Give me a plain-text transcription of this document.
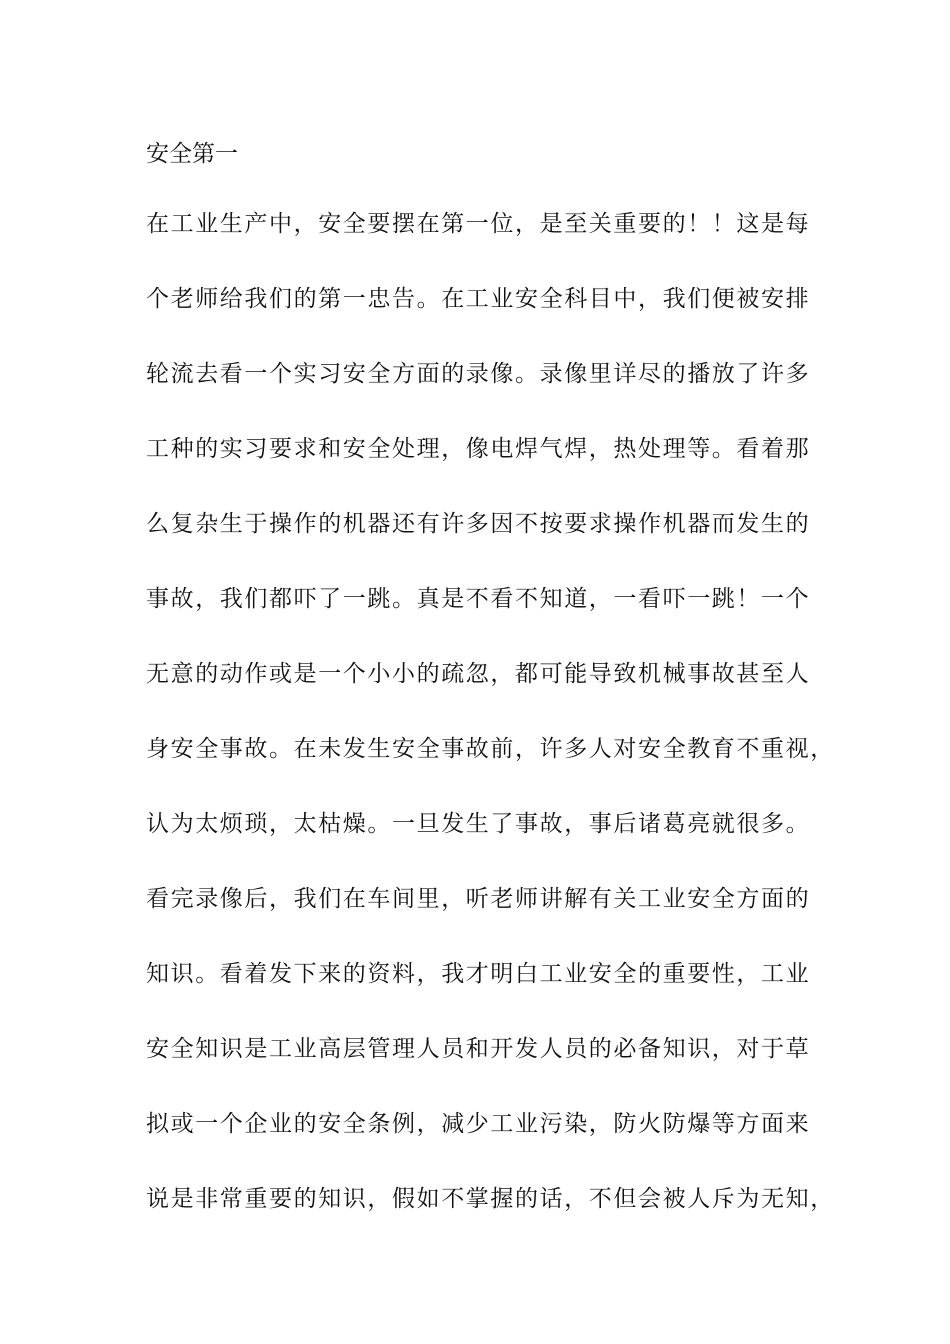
安全第一
在工业生产中，安全要摆在第一位，是至关重要的！！这是每
个老师给我们的第一忠告。在工业安全科目中，我们便被安排
轮流去看一个实习安全方面的录像。录像里详尽的播放了许多
工种的实习要求和安全处理，像电焊气焊，热处理等。看着那
么复杂生于操作的机器还有许多因不按要求操作机器而发生的
事故，我们都吓了一跳。真是不看不知道，一看吓一跳！一个
无意的动作或是一个小小的疏忽，都可能导致机械事故甚至人
身安全事故。在未发生安全事故前，许多人对安全教育不重视，
认为太烦琐，太枯燥。一旦发生了事故，事后诸葛亮就很多。
看完录像后，我们在车间里，听老师讲解有关工业安全方面的
知识。看着发下来的资料，我才明白工业安全的重要性，工业
安全知识是工业高层管理人员和开发人员的必备知识，对于草
拟或一个企业的安全条例，减少工业污染，防火防爆等方面来
说是非常重要的知识，假如不掌握的话，不但会被人斥为无知，
